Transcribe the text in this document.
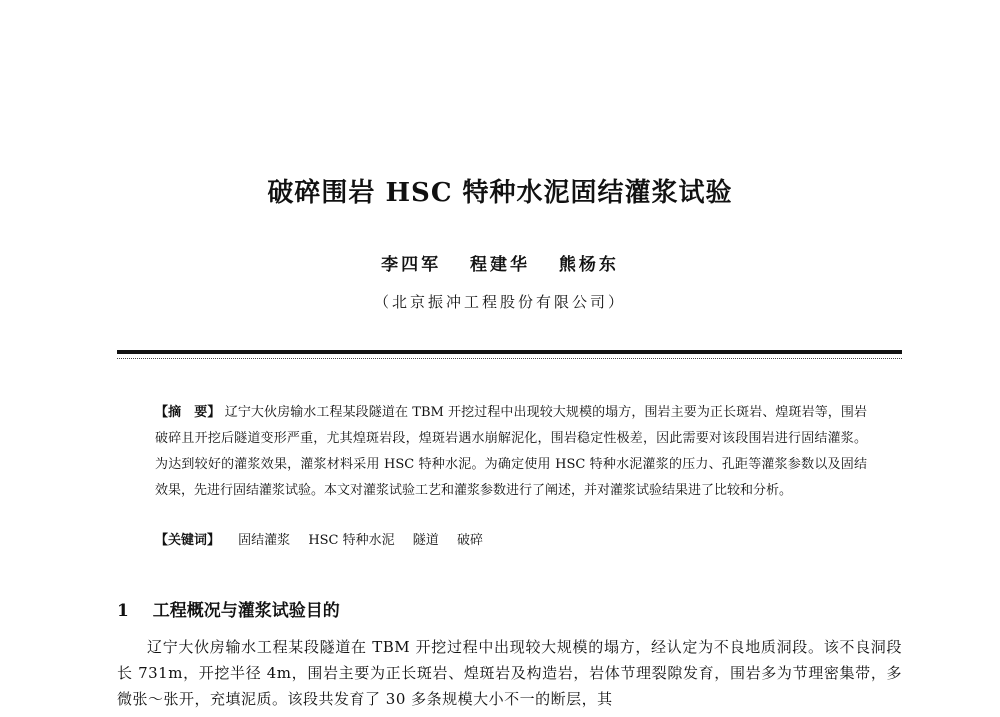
破碎围岩 HSC 特种水泥固结灌浆试验
李四军 程建华 熊杨东
（北京振冲工程股份有限公司）

【摘　要】 辽宁大伙房输水工程某段隧道在 TBM 开挖过程中出现较大规模的塌方，围岩主要为正长斑岩、煌斑岩等，围岩破碎且开挖后隧道变形严重，尤其煌斑岩段，煌斑岩遇水崩解泥化，围岩稳定性极差，因此需要对该段围岩进行固结灌浆。为达到较好的灌浆效果，灌浆材料采用 HSC 特种水泥。为确定使用 HSC 特种水泥灌浆的压力、孔距等灌浆参数以及固结效果，先进行固结灌浆试验。本文对灌浆试验工艺和灌浆参数进行了阐述，并对灌浆试验结果进了比较和分析。

【关键词】 固结灌浆 HSC 特种水泥 隧道 破碎
1 工程概况与灌浆试验目的

辽宁大伙房输水工程某段隧道在 TBM 开挖过程中出现较大规模的塌方，经认定为不良地质洞段。该不良洞段长 731m，开挖半径 4m，围岩主要为正长斑岩、煌斑岩及构造岩，岩体节理裂隙发育，围岩多为节理密集带，多微张～张开，充填泥质。该段共发育了 30 多条规模大小不一的断层，其
